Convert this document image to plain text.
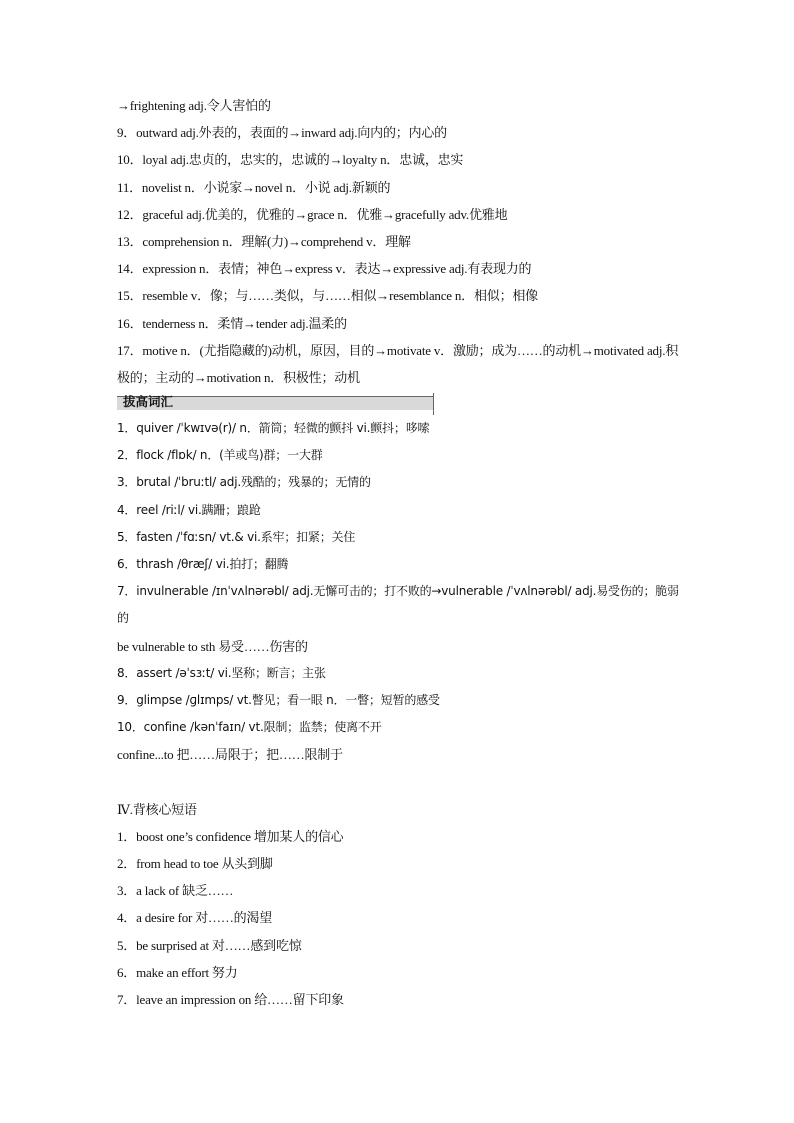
→frightening adj.令人害怕的
9．outward adj.外表的，表面的→inward adj.向内的；内心的
10．loyal adj.忠贞的，忠实的，忠诚的→loyalty n．忠诚，忠实
11．novelist n．小说家→novel n．小说 adj.新颖的
12．graceful adj.优美的，优雅的→grace n．优雅→gracefully adv.优雅地
13．comprehension n．理解(力)→comprehend v．理解
14．expression n．表情；神色→express v．表达→expressive adj.有表现力的
15．resemble v．像；与……类似，与……相似→resemblance n．相似；相像
16．tenderness n．柔情→tender adj.温柔的
17．motive n．(尤指隐藏的)动机，原因，目的→motivate v．激励；成为……的动机→motivated adj.积极的；主动的→motivation n．积极性；动机
拔高词汇
1．quiver /ˈkwɪvə(r)/ n．箭筒；轻微的颤抖 vi.颤抖；哆嗦
2．flock /flɒk/ n．(羊或鸟)群；一大群
3．brutal /ˈbruːtl/ adj.残酷的；残暴的；无情的
4．reel /riːl/ vi.蹒跚；踉跄
5．fasten /ˈfɑːsn/ vt.& vi.系牢；扣紧；关住
6．thrash /θræʃ/ vi.拍打；翻腾
7．invulnerable /ɪnˈvʌlnərəbl/ adj.无懈可击的；打不败的→vulnerable /ˈvʌlnərəbl/ adj.易受伤的；脆弱的
be vulnerable to sth 易受……伤害的
8．assert /əˈsɜːt/ vi.坚称；断言；主张
9．glimpse /ɡlɪmps/ vt.瞥见；看一眼 n．一瞥；短暂的感受
10．confine /kənˈfaɪn/ vt.限制；监禁；使离不开
confine...to 把……局限于；把……限制于
Ⅳ.背核心短语
1．boost one’s confidence 增加某人的信心
2．from head to toe 从头到脚
3．a lack of 缺乏……
4．a desire for 对……的渴望
5．be surprised at 对……感到吃惊
6．make an effort 努力
7．leave an impression on 给……留下印象
